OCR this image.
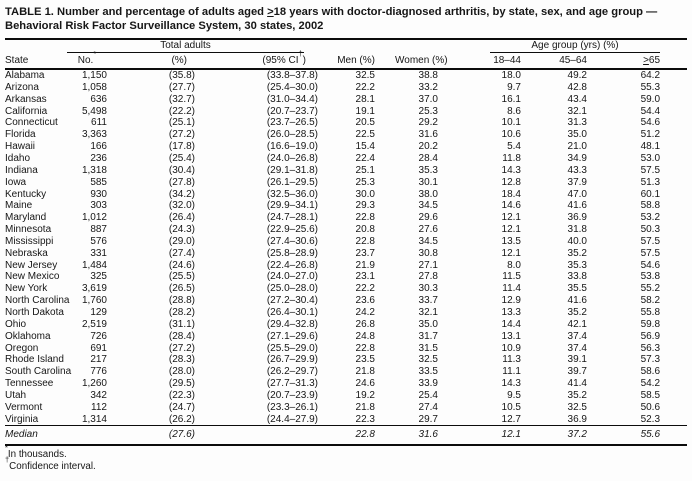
TABLE 1. Number and percentage of adults aged ≥18 years with doctor-diagnosed arthritis, by state, sex, and age group —
Behavioral Risk Factor Surveillance System, 30 states, 2002

	Total adults						Age group (yrs) (%)			

State	No.*	(%)	(95% CI†)		Men (%)	Women (%)	18–44	45–64	≥65	
Alabama	1,150	(35.8)	(33.8–37.8)		32.5	38.8	18.0	49.2	64.2	
Arizona	1,058	(27.7)	(25.4–30.0)		22.2	33.2	9.7	42.8	55.3	
Arkansas	636	(32.7)	(31.0–34.4)		28.1	37.0	16.1	43.4	59.0	
California	5,498	(22.2)	(20.7–23.7)		19.1	25.3	8.6	32.1	54.4	
Connecticut	611	(25.1)	(23.7–26.5)		20.5	29.2	10.1	31.3	54.6	
Florida	3,363	(27.2)	(26.0–28.5)		22.5	31.6	10.6	35.0	51.2	
Hawaii	166	(17.8)	(16.6–19.0)		15.4	20.2	5.4	21.0	48.1	
Idaho	236	(25.4)	(24.0–26.8)		22.4	28.4	11.8	34.9	53.0	
Indiana	1,318	(30.4)	(29.1–31.8)		25.1	35.3	14.3	43.3	57.5	
Iowa	585	(27.8)	(26.1–29.5)		25.3	30.1	12.8	37.9	51.3	
Kentucky	930	(34.2)	(32.5–36.0)		30.0	38.0	18.4	47.0	60.1	
Maine	303	(32.0)	(29.9–34.1)		29.3	34.5	14.6	41.6	58.8	
Maryland	1,012	(26.4)	(24.7–28.1)		22.8	29.6	12.1	36.9	53.2	
Minnesota	887	(24.3)	(22.9–25.6)		20.8	27.6	12.1	31.8	50.3	
Mississippi	576	(29.0)	(27.4–30.6)		22.8	34.5	13.5	40.0	57.5	
Nebraska	331	(27.4)	(25.8–28.9)		23.7	30.8	12.1	35.2	57.5	
New Jersey	1,484	(24.6)	(22.4–26.8)		21.9	27.1	8.0	35.3	54.6	
New Mexico	325	(25.5)	(24.0–27.0)		23.1	27.8	11.5	33.8	53.8	
New York	3,619	(26.5)	(25.0–28.0)		22.2	30.3	11.4	35.5	55.2	
North Carolina	1,760	(28.8)	(27.2–30.4)		23.6	33.7	12.9	41.6	58.2	
North Dakota	129	(28.2)	(26.4–30.1)		24.2	32.1	13.3	35.2	55.8	
Ohio	2,519	(31.1)	(29.4–32.8)		26.8	35.0	14.4	42.1	59.8	
Oklahoma	726	(28.4)	(27.1–29.6)		24.8	31.7	13.1	37.4	56.9	
Oregon	691	(27.2)	(25.5–29.0)		22.8	31.5	10.9	37.4	56.3	
Rhode Island	217	(28.3)	(26.7–29.9)		23.5	32.5	11.3	39.1	57.3	
South Carolina	776	(28.0)	(26.2–29.7)		21.8	33.5	11.1	39.7	58.6	
Tennessee	1,260	(29.5)	(27.7–31.3)		24.6	33.9	14.3	41.4	54.2	
Utah	342	(22.3)	(20.7–23.9)		19.2	25.4	9.5	35.2	58.5	
Vermont	112	(24.7)	(23.3–26.1)		21.8	27.4	10.5	32.5	50.6	
Virginia	1,314	(26.2)	(24.4–27.9)		22.3	29.7	12.7	36.9	52.3	
Median		(27.6)			22.8	31.6	12.1	37.2	55.6	
*In thousands.
†Confidence interval.
